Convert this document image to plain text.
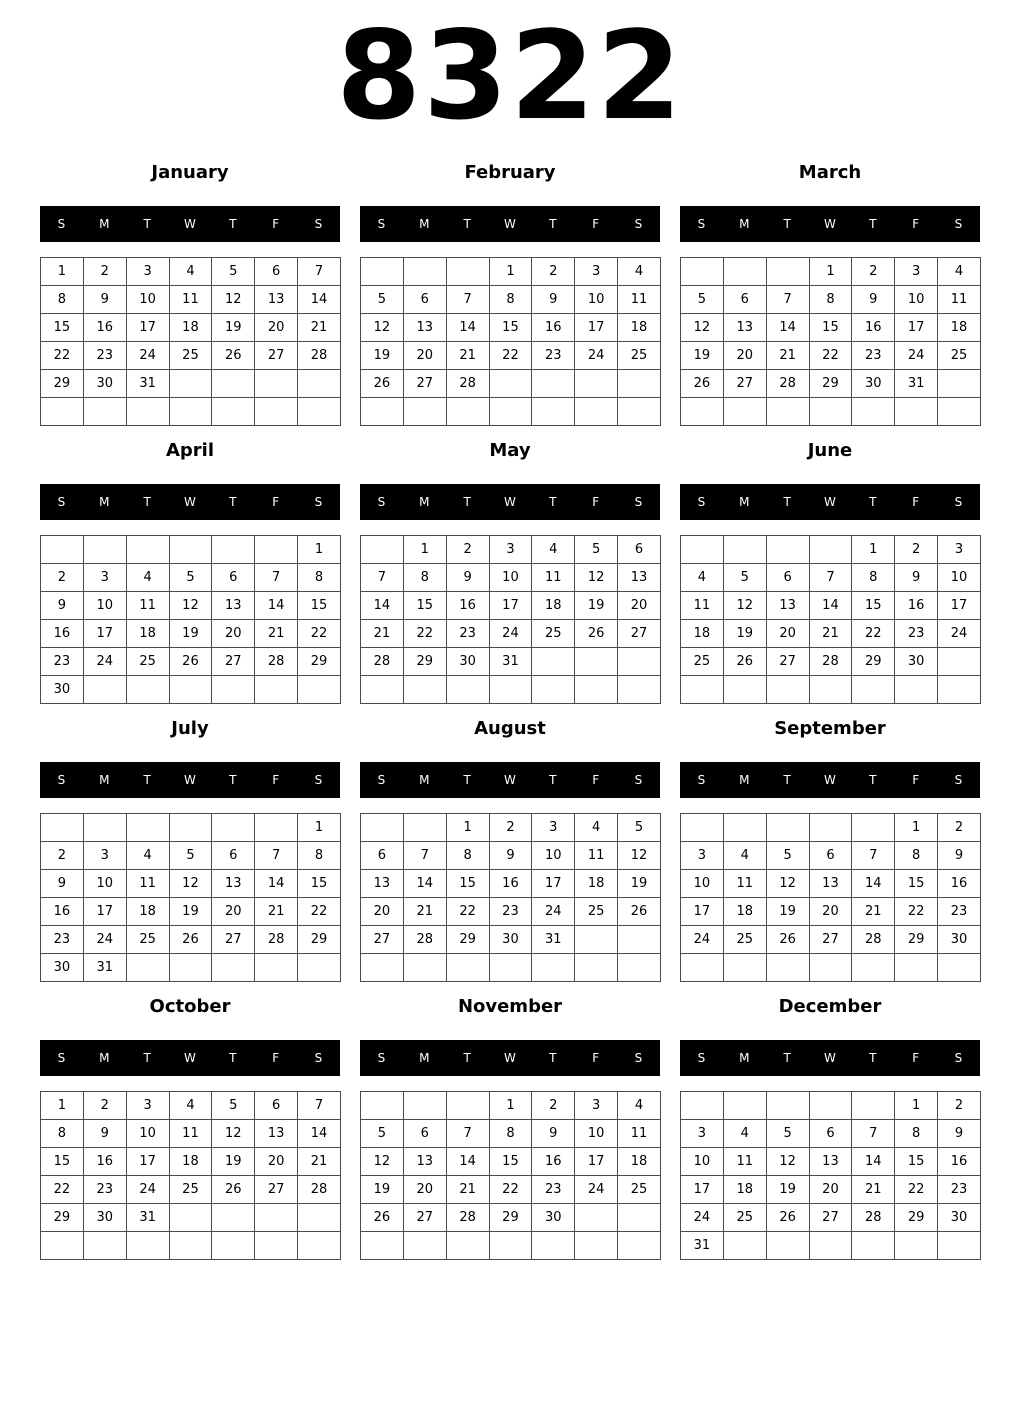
8322
January
S	M	T	W	T	F	S
1	2	3	4	5	6	7
8	9	10	11	12	13	14
15	16	17	18	19	20	21
22	23	24	25	26	27	28
29	30	31				

February
S	M	T	W	T	F	S
			1	2	3	4
5	6	7	8	9	10	11
12	13	14	15	16	17	18
19	20	21	22	23	24	25
26	27	28				

March
S	M	T	W	T	F	S
			1	2	3	4
5	6	7	8	9	10	11
12	13	14	15	16	17	18
19	20	21	22	23	24	25
26	27	28	29	30	31	

April
S	M	T	W	T	F	S
						1
2	3	4	5	6	7	8
9	10	11	12	13	14	15
16	17	18	19	20	21	22
23	24	25	26	27	28	29
30						
May
S	M	T	W	T	F	S
	1	2	3	4	5	6
7	8	9	10	11	12	13
14	15	16	17	18	19	20
21	22	23	24	25	26	27
28	29	30	31			

June
S	M	T	W	T	F	S
				1	2	3
4	5	6	7	8	9	10
11	12	13	14	15	16	17
18	19	20	21	22	23	24
25	26	27	28	29	30	

July
S	M	T	W	T	F	S
						1
2	3	4	5	6	7	8
9	10	11	12	13	14	15
16	17	18	19	20	21	22
23	24	25	26	27	28	29
30	31					
August
S	M	T	W	T	F	S
		1	2	3	4	5
6	7	8	9	10	11	12
13	14	15	16	17	18	19
20	21	22	23	24	25	26
27	28	29	30	31		

September
S	M	T	W	T	F	S
					1	2
3	4	5	6	7	8	9
10	11	12	13	14	15	16
17	18	19	20	21	22	23
24	25	26	27	28	29	30

October
S	M	T	W	T	F	S
1	2	3	4	5	6	7
8	9	10	11	12	13	14
15	16	17	18	19	20	21
22	23	24	25	26	27	28
29	30	31				

November
S	M	T	W	T	F	S
			1	2	3	4
5	6	7	8	9	10	11
12	13	14	15	16	17	18
19	20	21	22	23	24	25
26	27	28	29	30		

December
S	M	T	W	T	F	S
					1	2
3	4	5	6	7	8	9
10	11	12	13	14	15	16
17	18	19	20	21	22	23
24	25	26	27	28	29	30
31						
